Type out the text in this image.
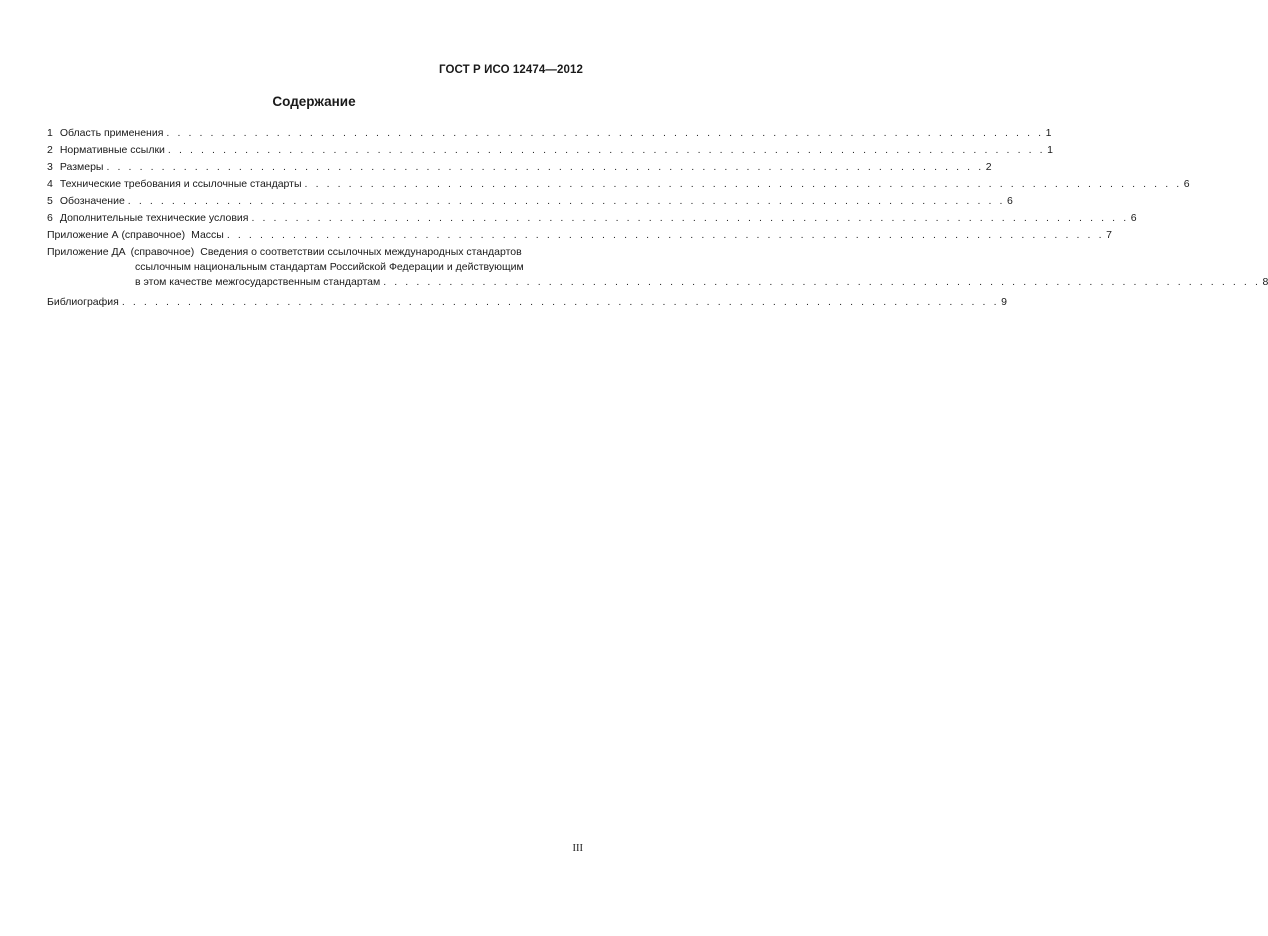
ГОСТ Р ИСО 12474—2012
Содержание
1 Область применения . . . . . . . . . . . . . . . . . . . . . . . . . . . . . . . . . . . . . . . . . . . . . . . . . . . . . . . . . . . . . . . . . . . . . . . . . . . . . . . . 1
2 Нормативные ссылки . . . . . . . . . . . . . . . . . . . . . . . . . . . . . . . . . . . . . . . . . . . . . . . . . . . . . . . . . . . . . . . . . . . . . . . . . . . . . . . . 1
3 Размеры . . . . . . . . . . . . . . . . . . . . . . . . . . . . . . . . . . . . . . . . . . . . . . . . . . . . . . . . . . . . . . . . . . . . . . . . . . . . . . . . 2
4 Технические требования и ссылочные стандарты . . . . . . . . . . . . . . . . . . . . . . . . . . . . . . . . . . . . . . . . . . . . . . . . . . . . . . . . . . . . . . . . . . . . . . . . . . . . . . . . 6
5 Обозначение . . . . . . . . . . . . . . . . . . . . . . . . . . . . . . . . . . . . . . . . . . . . . . . . . . . . . . . . . . . . . . . . . . . . . . . . . . . . . . . . 6
6 Дополнительные технические условия . . . . . . . . . . . . . . . . . . . . . . . . . . . . . . . . . . . . . . . . . . . . . . . . . . . . . . . . . . . . . . . . . . . . . . . . . . . . . . . . 6
Приложение А (справочное) Массы . . . . . . . . . . . . . . . . . . . . . . . . . . . . . . . . . . . . . . . . . . . . . . . . . . . . . . . . . . . . . . . . . . . . . . . . . . . . . . . . 7
Приложение ДА (справочное) Сведения о соответствии ссылочных международных стандартов
ссылочным национальным стандартам Российской Федерации и действующим
в этом качестве межгосударственным стандартам . . . . . . . . . . . . . . . . . . . . . . . . . . . . . . . . . . . . . . . . . . . . . . . . . . . . . . . . . . . . . . . . . . . . . . . . . . . . . . . . 8
Библиография . . . . . . . . . . . . . . . . . . . . . . . . . . . . . . . . . . . . . . . . . . . . . . . . . . . . . . . . . . . . . . . . . . . . . . . . . . . . . . . . 9
III
